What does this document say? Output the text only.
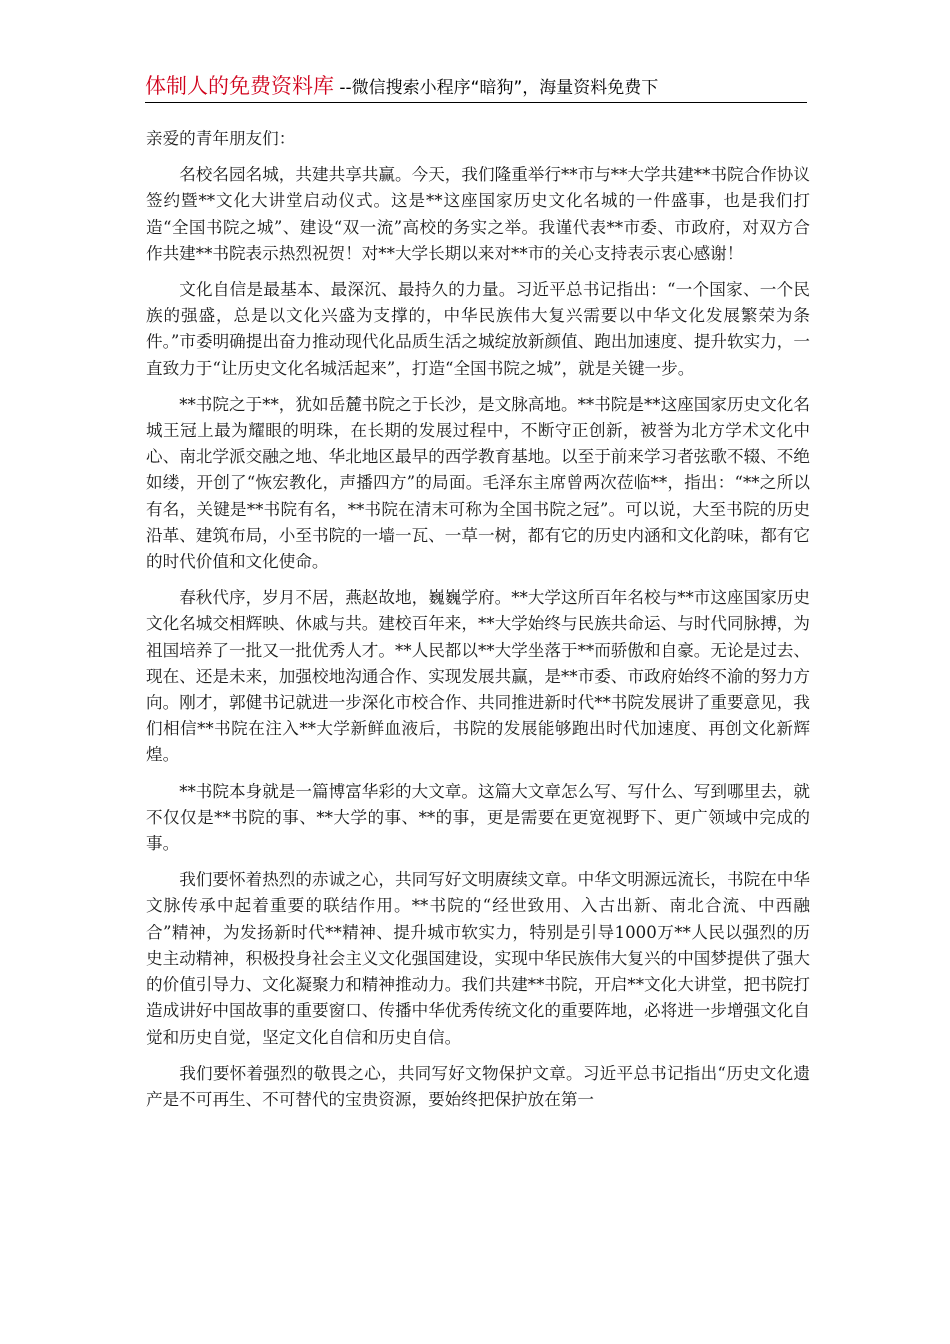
体制人的免费资料库 --微信搜索小程序“暗狗”，海量资料免费下

亲爱的青年朋友们：

名校名园名城，共建共享共赢。今天，我们隆重举行**市与**大学共建**书院合作协议签约暨**文化大讲堂启动仪式。这是**这座国家历史文化名城的一件盛事，也是我们打造“全国书院之城”、建设“双一流”高校的务实之举。我谨代表**市委、市政府，对双方合作共建**书院表示热烈祝贺！对**大学长期以来对**市的关心支持表示衷心感谢！

文化自信是最基本、最深沉、最持久的力量。习近平总书记指出：“一个国家、一个民族的强盛，总是以文化兴盛为支撑的，中华民族伟大复兴需要以中华文化发展繁荣为条件。”市委明确提出奋力推动现代化品质生活之城绽放新颜值、跑出加速度、提升软实力，一直致力于“让历史文化名城活起来”，打造“全国书院之城”，就是关键一步。

**书院之于**，犹如岳麓书院之于长沙，是文脉高地。**书院是**这座国家历史文化名城王冠上最为耀眼的明珠，在长期的发展过程中，不断守正创新，被誉为北方学术文化中心、南北学派交融之地、华北地区最早的西学教育基地。以至于前来学习者弦歌不辍、不绝如缕，开创了“恢宏教化，声播四方”的局面。毛泽东主席曾两次莅临**，指出：“**之所以有名，关键是**书院有名，**书院在清末可称为全国书院之冠”。可以说，大至书院的历史沿革、建筑布局，小至书院的一墙一瓦、一草一树，都有它的历史内涵和文化韵味，都有它的时代价值和文化使命。

春秋代序，岁月不居，燕赵故地，巍巍学府。**大学这所百年名校与**市这座国家历史文化名城交相辉映、休戚与共。建校百年来，**大学始终与民族共命运、与时代同脉搏，为祖国培养了一批又一批优秀人才。**人民都以**大学坐落于**而骄傲和自豪。无论是过去、现在、还是未来，加强校地沟通合作、实现发展共赢，是**市委、市政府始终不渝的努力方向。刚才，郭健书记就进一步深化市校合作、共同推进新时代**书院发展讲了重要意见，我们相信**书院在注入**大学新鲜血液后，书院的发展能够跑出时代加速度、再创文化新辉煌。

**书院本身就是一篇博富华彩的大文章。这篇大文章怎么写、写什么、写到哪里去，就不仅仅是**书院的事、**大学的事、**的事，更是需要在更宽视野下、更广领域中完成的事。

我们要怀着热烈的赤诚之心，共同写好文明赓续文章。中华文明源远流长，书院在中华文脉传承中起着重要的联结作用。**书院的“经世致用、入古出新、南北合流、中西融合”精神，为发扬新时代**精神、提升城市软实力，特别是引导1000万**人民以强烈的历史主动精神，积极投身社会主义文化强国建设，实现中华民族伟大复兴的中国梦提供了强大的价值引导力、文化凝聚力和精神推动力。我们共建**书院，开启**文化大讲堂，把书院打造成讲好中国故事的重要窗口、传播中华优秀传统文化的重要阵地，必将进一步增强文化自觉和历史自觉，坚定文化自信和历史自信。

我们要怀着强烈的敬畏之心，共同写好文物保护文章。习近平总书记指出“历史文化遗产是不可再生、不可替代的宝贵资源，要始终把保护放在第一
